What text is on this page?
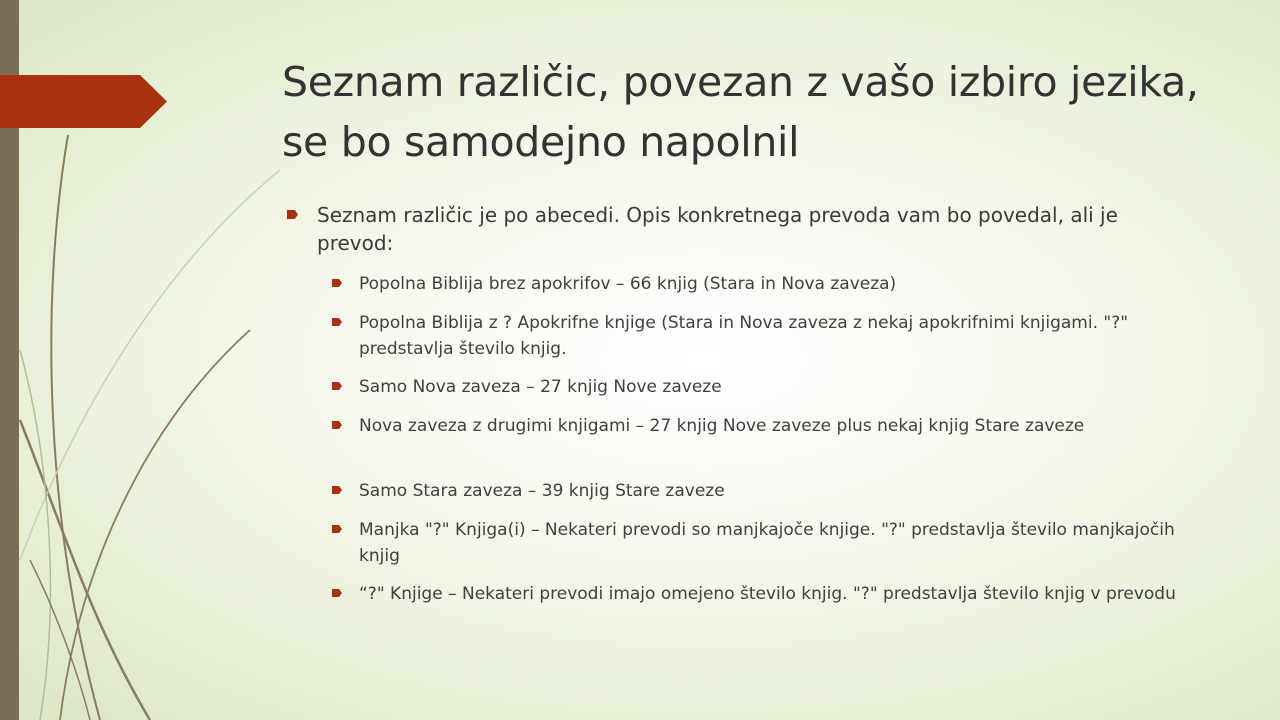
Seznam različic, povezan z vašo izbiro jezika, se bo samodejno napolnil
Seznam različic je po abecedi. Opis konkretnega prevoda vam bo povedal, ali je prevod:
Popolna Biblija brez apokrifov – 66 knjig (Stara in Nova zaveza)
Popolna Biblija z ? Apokrifne knjige (Stara in Nova zaveza z nekaj apokrifnimi knjigami. "?" predstavlja število knjig.
Samo Nova zaveza – 27 knjig Nove zaveze
Nova zaveza z drugimi knjigami – 27 knjig Nove zaveze plus nekaj knjig Stare zaveze
Samo Stara zaveza – 39 knjig Stare zaveze
Manjka "?" Knjiga(i) – Nekateri prevodi so manjkajoče knjige. "?" predstavlja število manjkajočih knjig
“?" Knjige – Nekateri prevodi imajo omejeno število knjig. "?" predstavlja število knjig v prevodu
